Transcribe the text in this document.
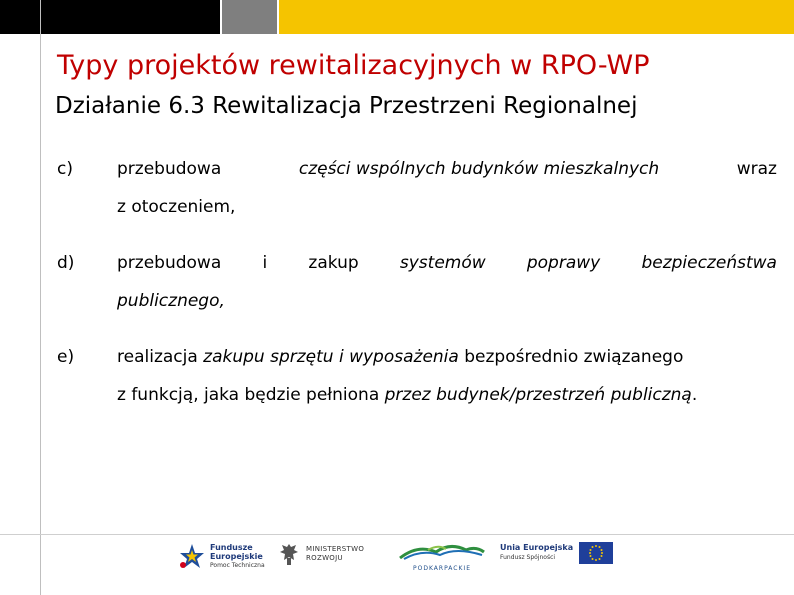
Typy projektów rewitalizacyjnych w RPO-WP
Działanie 6.3 Rewitalizacja Przestrzeni Regionalnej
c)	przebudowa	części wspólnych budynków mieszkalnych	wraz
z otoczeniem,
d)	przebudowa i zakup systemów poprawy bezpieczeństwa
publicznego,
e)	realizacja zakupu sprzętu i wyposażenia bezpośrednio związanego
z funkcją, jaka będzie pełniona przez budynek/przestrzeń publiczną.
Fundusze
Europejskie
Pomoc Techniczna
MINISTERSTWO
ROZWOJU
PODKARPACKIE
Unia Europejska
Fundusz Spójności
